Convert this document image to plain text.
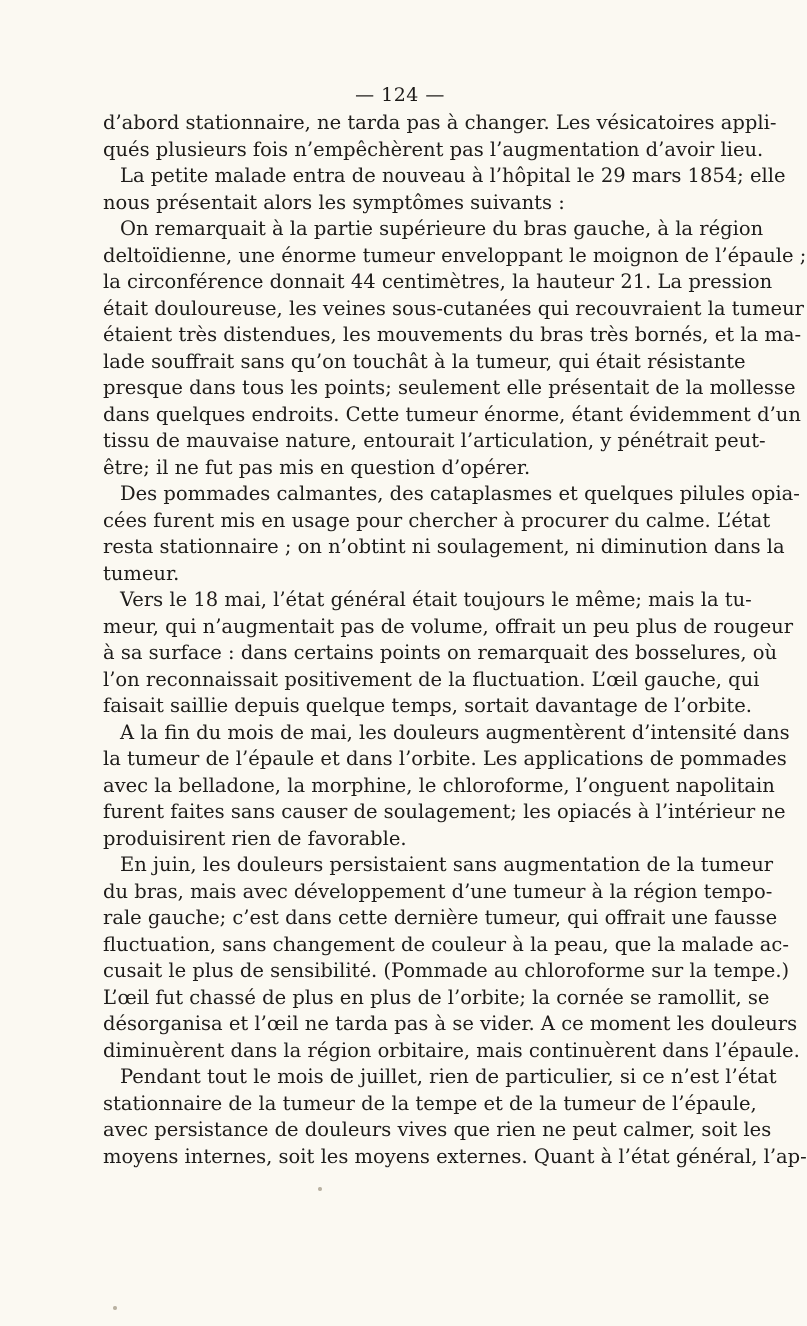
— 124 —
d’abord stationnaire, ne tarda pas à changer. Les vésicatoires appli-
qués plusieurs fois n’empêchèrent pas l’augmentation d’avoir lieu.
La petite malade entra de nouveau à l’hôpital le 29 mars 1854; elle
nous présentait alors les symptômes suivants :
On remarquait à la partie supérieure du bras gauche, à la région
deltoïdienne, une énorme tumeur enveloppant le moignon de l’épaule ;
la circonférence donnait 44 centimètres, la hauteur 21. La pression
était douloureuse, les veines sous-cutanées qui recouvraient la tumeur
étaient très distendues, les mouvements du bras très bornés, et la ma-
lade souffrait sans qu’on touchât à la tumeur, qui était résistante
presque dans tous les points; seulement elle présentait de la mollesse
dans quelques endroits. Cette tumeur énorme, étant évidemment d’un
tissu de mauvaise nature, entourait l’articulation, y pénétrait peut-
être; il ne fut pas mis en question d’opérer.
Des pommades calmantes, des cataplasmes et quelques pilules opia-
cées furent mis en usage pour chercher à procurer du calme. L’état
resta stationnaire ; on n’obtint ni soulagement, ni diminution dans la
tumeur.
Vers le 18 mai, l’état général était toujours le même; mais la tu-
meur, qui n’augmentait pas de volume, offrait un peu plus de rougeur
à sa surface : dans certains points on remarquait des bosselures, où
l’on reconnaissait positivement de la fluctuation. L’œil gauche, qui
faisait saillie depuis quelque temps, sortait davantage de l’orbite.
A la fin du mois de mai, les douleurs augmentèrent d’intensité dans
la tumeur de l’épaule et dans l’orbite. Les applications de pommades
avec la belladone, la morphine, le chloroforme, l’onguent napolitain
furent faites sans causer de soulagement; les opiacés à l’intérieur ne
produisirent rien de favorable.
En juin, les douleurs persistaient sans augmentation de la tumeur
du bras, mais avec développement d’une tumeur à la région tempo-
rale gauche; c’est dans cette dernière tumeur, qui offrait une fausse
fluctuation, sans changement de couleur à la peau, que la malade ac-
cusait le plus de sensibilité. (Pommade au chloroforme sur la tempe.)
L’œil fut chassé de plus en plus de l’orbite; la cornée se ramollit, se
désorganisa et l’œil ne tarda pas à se vider. A ce moment les douleurs
diminuèrent dans la région orbitaire, mais continuèrent dans l’épaule.
Pendant tout le mois de juillet, rien de particulier, si ce n’est l’état
stationnaire de la tumeur de la tempe et de la tumeur de l’épaule,
avec persistance de douleurs vives que rien ne peut calmer, soit les
moyens internes, soit les moyens externes. Quant à l’état général, l’ap-
